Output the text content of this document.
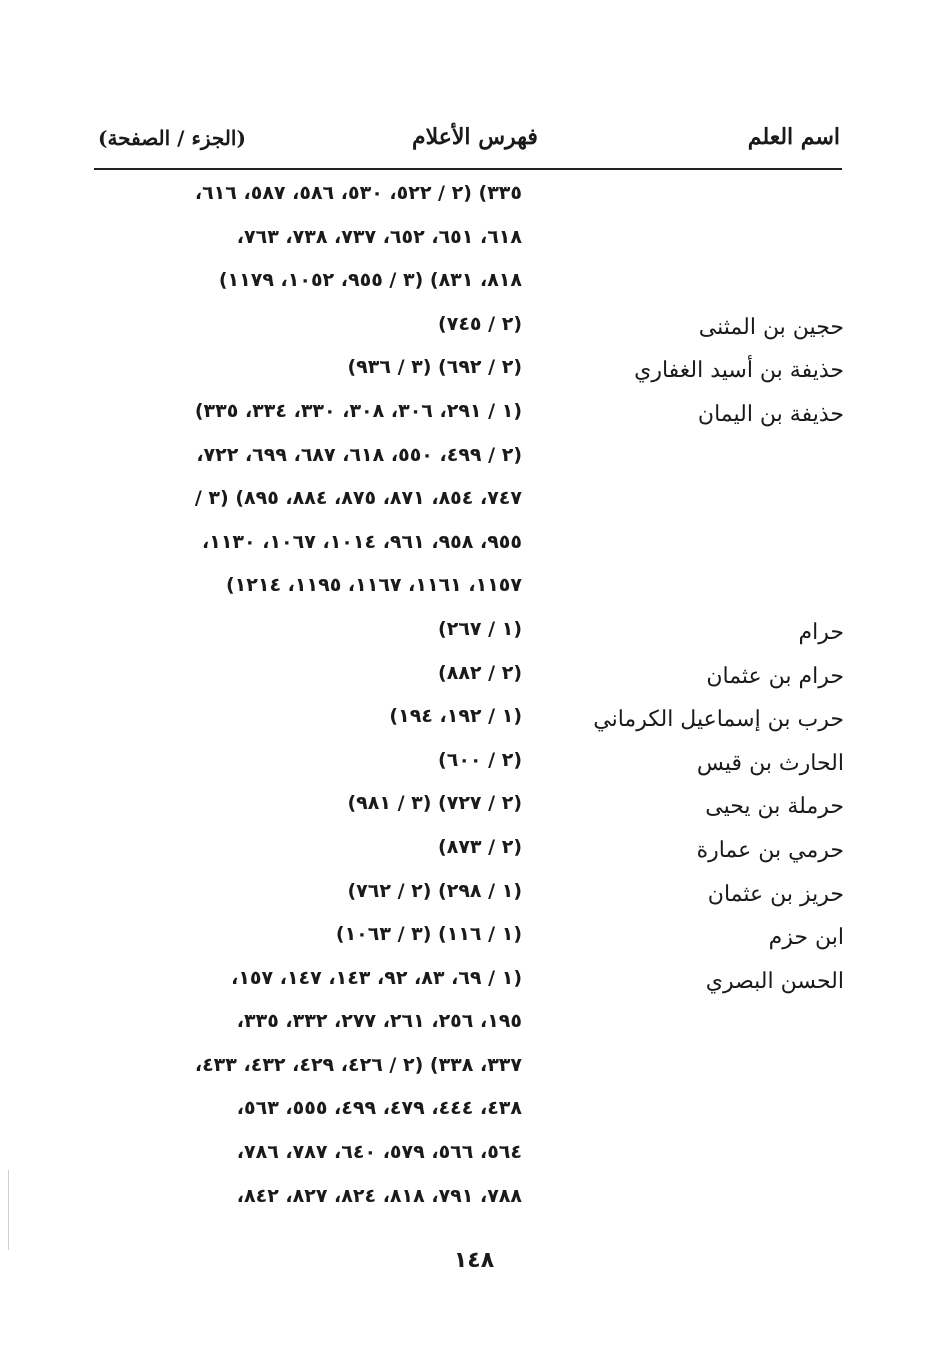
اسم العلم
فهرس الأعلام
(الجزء / الصفحة)
٣٣٥) (٢ / ٥٢٢، ٥٣٠، ٥٨٦، ٥٨٧، ٦١٦،
٦١٨، ٦٥١، ٦٥٢، ٧٣٧، ٧٣٨، ٧٦٣،
٨١٨، ٨٣١) (٣ / ٩٥٥، ١٠٥٢، ١١٧٩)
حجين بن المثنى
(٢ / ٧٤٥)
حذيفة بن أسيد الغفاري
(٢ / ٦٩٢) (٣ / ٩٣٦)
حذيفة بن اليمان
(١ / ٢٩١، ٣٠٦، ٣٠٨، ٣٣٠، ٣٣٤، ٣٣٥)
(٢ / ٤٩٩، ٥٥٠، ٦١٨، ٦٨٧، ٦٩٩، ٧٢٢،
٧٤٧، ٨٥٤، ٨٧١، ٨٧٥، ٨٨٤، ٨٩٥) (٣ /
٩٥٥، ٩٥٨، ٩٦١، ١٠١٤، ١٠٦٧، ١١٣٠،
١١٥٧، ١١٦١، ١١٦٧، ١١٩٥، ١٢١٤)
حرام
(١ / ٢٦٧)
حرام بن عثمان
(٢ / ٨٨٢)
حرب بن إسماعيل الكرماني
(١ / ١٩٢، ١٩٤)
الحارث بن قيس
(٢ / ٦٠٠)
حرملة بن يحيى
(٢ / ٧٢٧) (٣ / ٩٨١)
حرمي بن عمارة
(٢ / ٨٧٣)
حريز بن عثمان
(١ / ٢٩٨) (٢ / ٧٦٢)
ابن حزم
(١ / ١١٦) (٣ / ١٠٦٣)
الحسن البصري
(١ / ٦٩، ٨٣، ٩٢، ١٤٣، ١٤٧، ١٥٧،
١٩٥، ٢٥٦، ٢٦١، ٢٧٧، ٣٣٢، ٣٣٥،
٣٣٧، ٣٣٨) (٢ / ٤٢٦، ٤٢٩، ٤٣٢، ٤٣٣،
٤٣٨، ٤٤٤، ٤٧٩، ٤٩٩، ٥٥٥، ٥٦٣،
٥٦٤، ٥٦٦، ٥٧٩، ٦٤٠، ٧٨٧، ٧٨٦،
٧٨٨، ٧٩١، ٨١٨، ٨٢٤، ٨٢٧، ٨٤٢،
١٤٨
